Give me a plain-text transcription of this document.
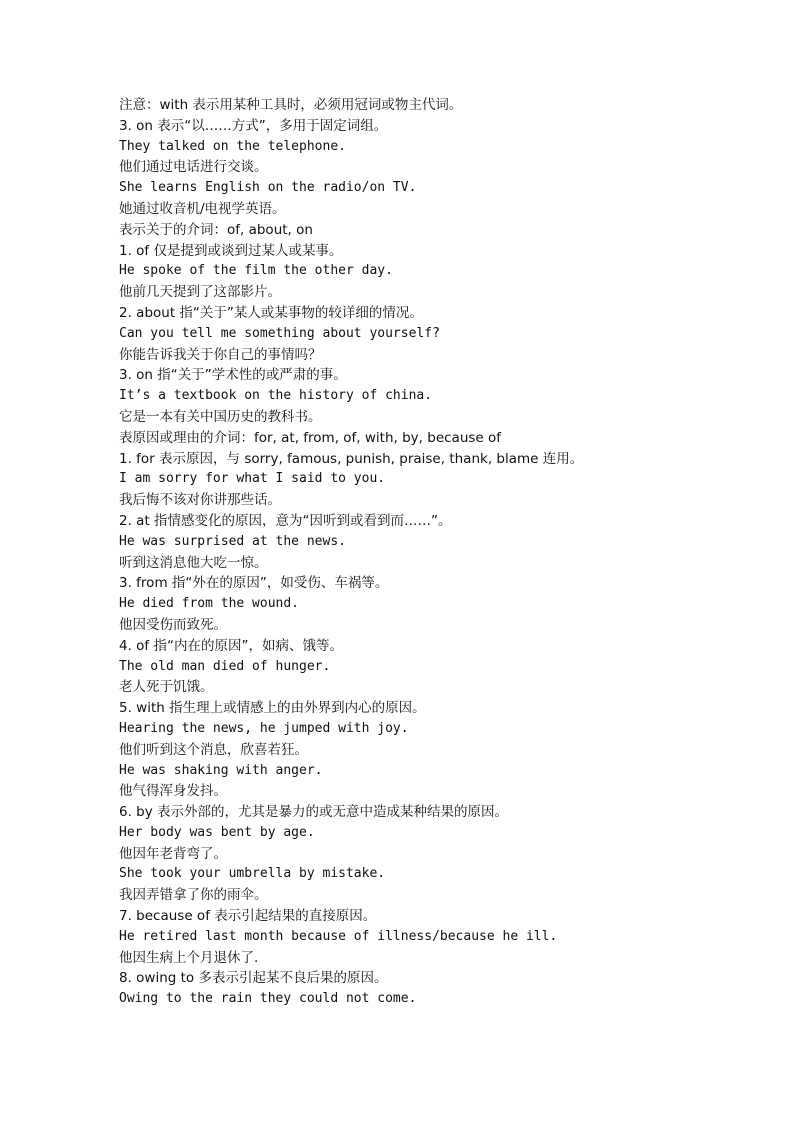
注意：with 表示用某种工具时，必须用冠词或物主代词。
3. on 表示“以……方式”，多用于固定词组。
They talked on the telephone.
他们通过电话进行交谈。
She learns English on the radio/on TV.
她通过收音机/电视学英语。
表示关于的介词：of, about, on
1. of 仅是提到或谈到过某人或某事。
He spoke of the film the other day.
他前几天提到了这部影片。
2. about 指“关于”某人或某事物的较详细的情况。
Can you tell me something about yourself?
你能告诉我关于你自己的事情吗？
3. on 指“关于”学术性的或严肃的事。
It’s a textbook on the history of china.
它是一本有关中国历史的教科书。
表原因或理由的介词：for, at, from, of, with, by, because of
1. for 表示原因，与 sorry, famous, punish, praise, thank, blame 连用。
I am sorry for what I said to you.
我后悔不该对你讲那些话。
2. at 指情感变化的原因，意为“因听到或看到而……”。
He was surprised at the news.
听到这消息他大吃一惊。
3. from 指“外在的原因”，如受伤、车祸等。
He died from the wound.
他因受伤而致死。
4. of 指“内在的原因”，如病、饿等。
The old man died of hunger.
老人死于饥饿。
5. with 指生理上或情感上的由外界到内心的原因。
Hearing the news, he jumped with joy.
他们听到这个消息，欣喜若狂。
He was shaking with anger.
他气得浑身发抖。
6. by 表示外部的，尤其是暴力的或无意中造成某种结果的原因。
Her body was bent by age.
他因年老背弯了。
She took your umbrella by mistake.
我因弄错拿了你的雨伞。
7. because of 表示引起结果的直接原因。
He retired last month because of illness/because he ill.
他因生病上个月退休了.
8. owing to 多表示引起某不良后果的原因。
Owing to the rain they could not come.
